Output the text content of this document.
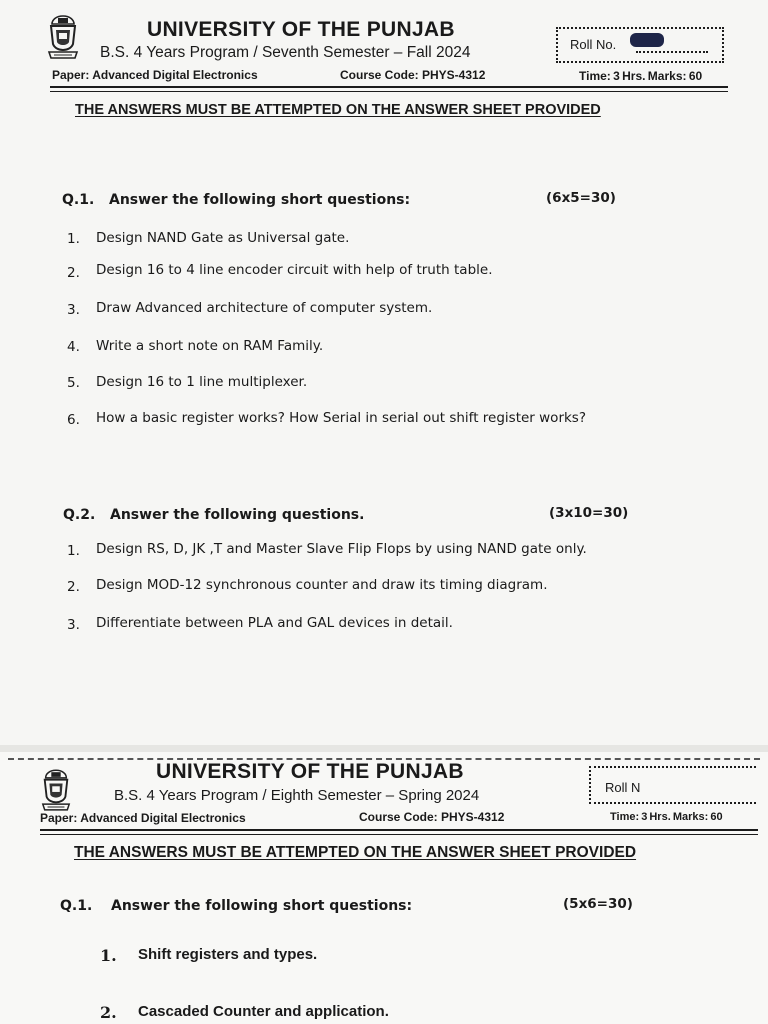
UNIVERSITY OF THE PUNJAB
B.S. 4 Years Program / Seventh Semester – Fall 2024	Roll No.
Paper: Advanced Digital Electronics	Course Code: PHYS-4312	Time: 3 Hrs. Marks: 60
THE ANSWERS MUST BE ATTEMPTED ON THE ANSWER SHEET PROVIDED
Q.1. Answer the following short questions:	(6x5=30)
1. Design NAND Gate as Universal gate.
2. Design 16 to 4 line encoder circuit with help of truth table.
3. Draw Advanced architecture of computer system.
4. Write a short note on RAM Family.
5. Design 16 to 1 line multiplexer.
6. How a basic register works? How Serial in serial out shift register works?
Q.2. Answer the following questions.	(3x10=30)
1. Design RS, D, JK ,T and Master Slave Flip Flops by using NAND gate only.
2. Design MOD-12 synchronous counter and draw its timing diagram.
3. Differentiate between PLA and GAL devices in detail.
UNIVERSITY OF THE PUNJAB
B.S. 4 Years Program / Eighth Semester – Spring 2024	Roll N
Paper: Advanced Digital Electronics	Course Code: PHYS-4312	Time: 3 Hrs. Marks: 60
THE ANSWERS MUST BE ATTEMPTED ON THE ANSWER SHEET PROVIDED
Q.1. Answer the following short questions:	(5x6=30)
1. Shift registers and types.
2. Cascaded Counter and application.
